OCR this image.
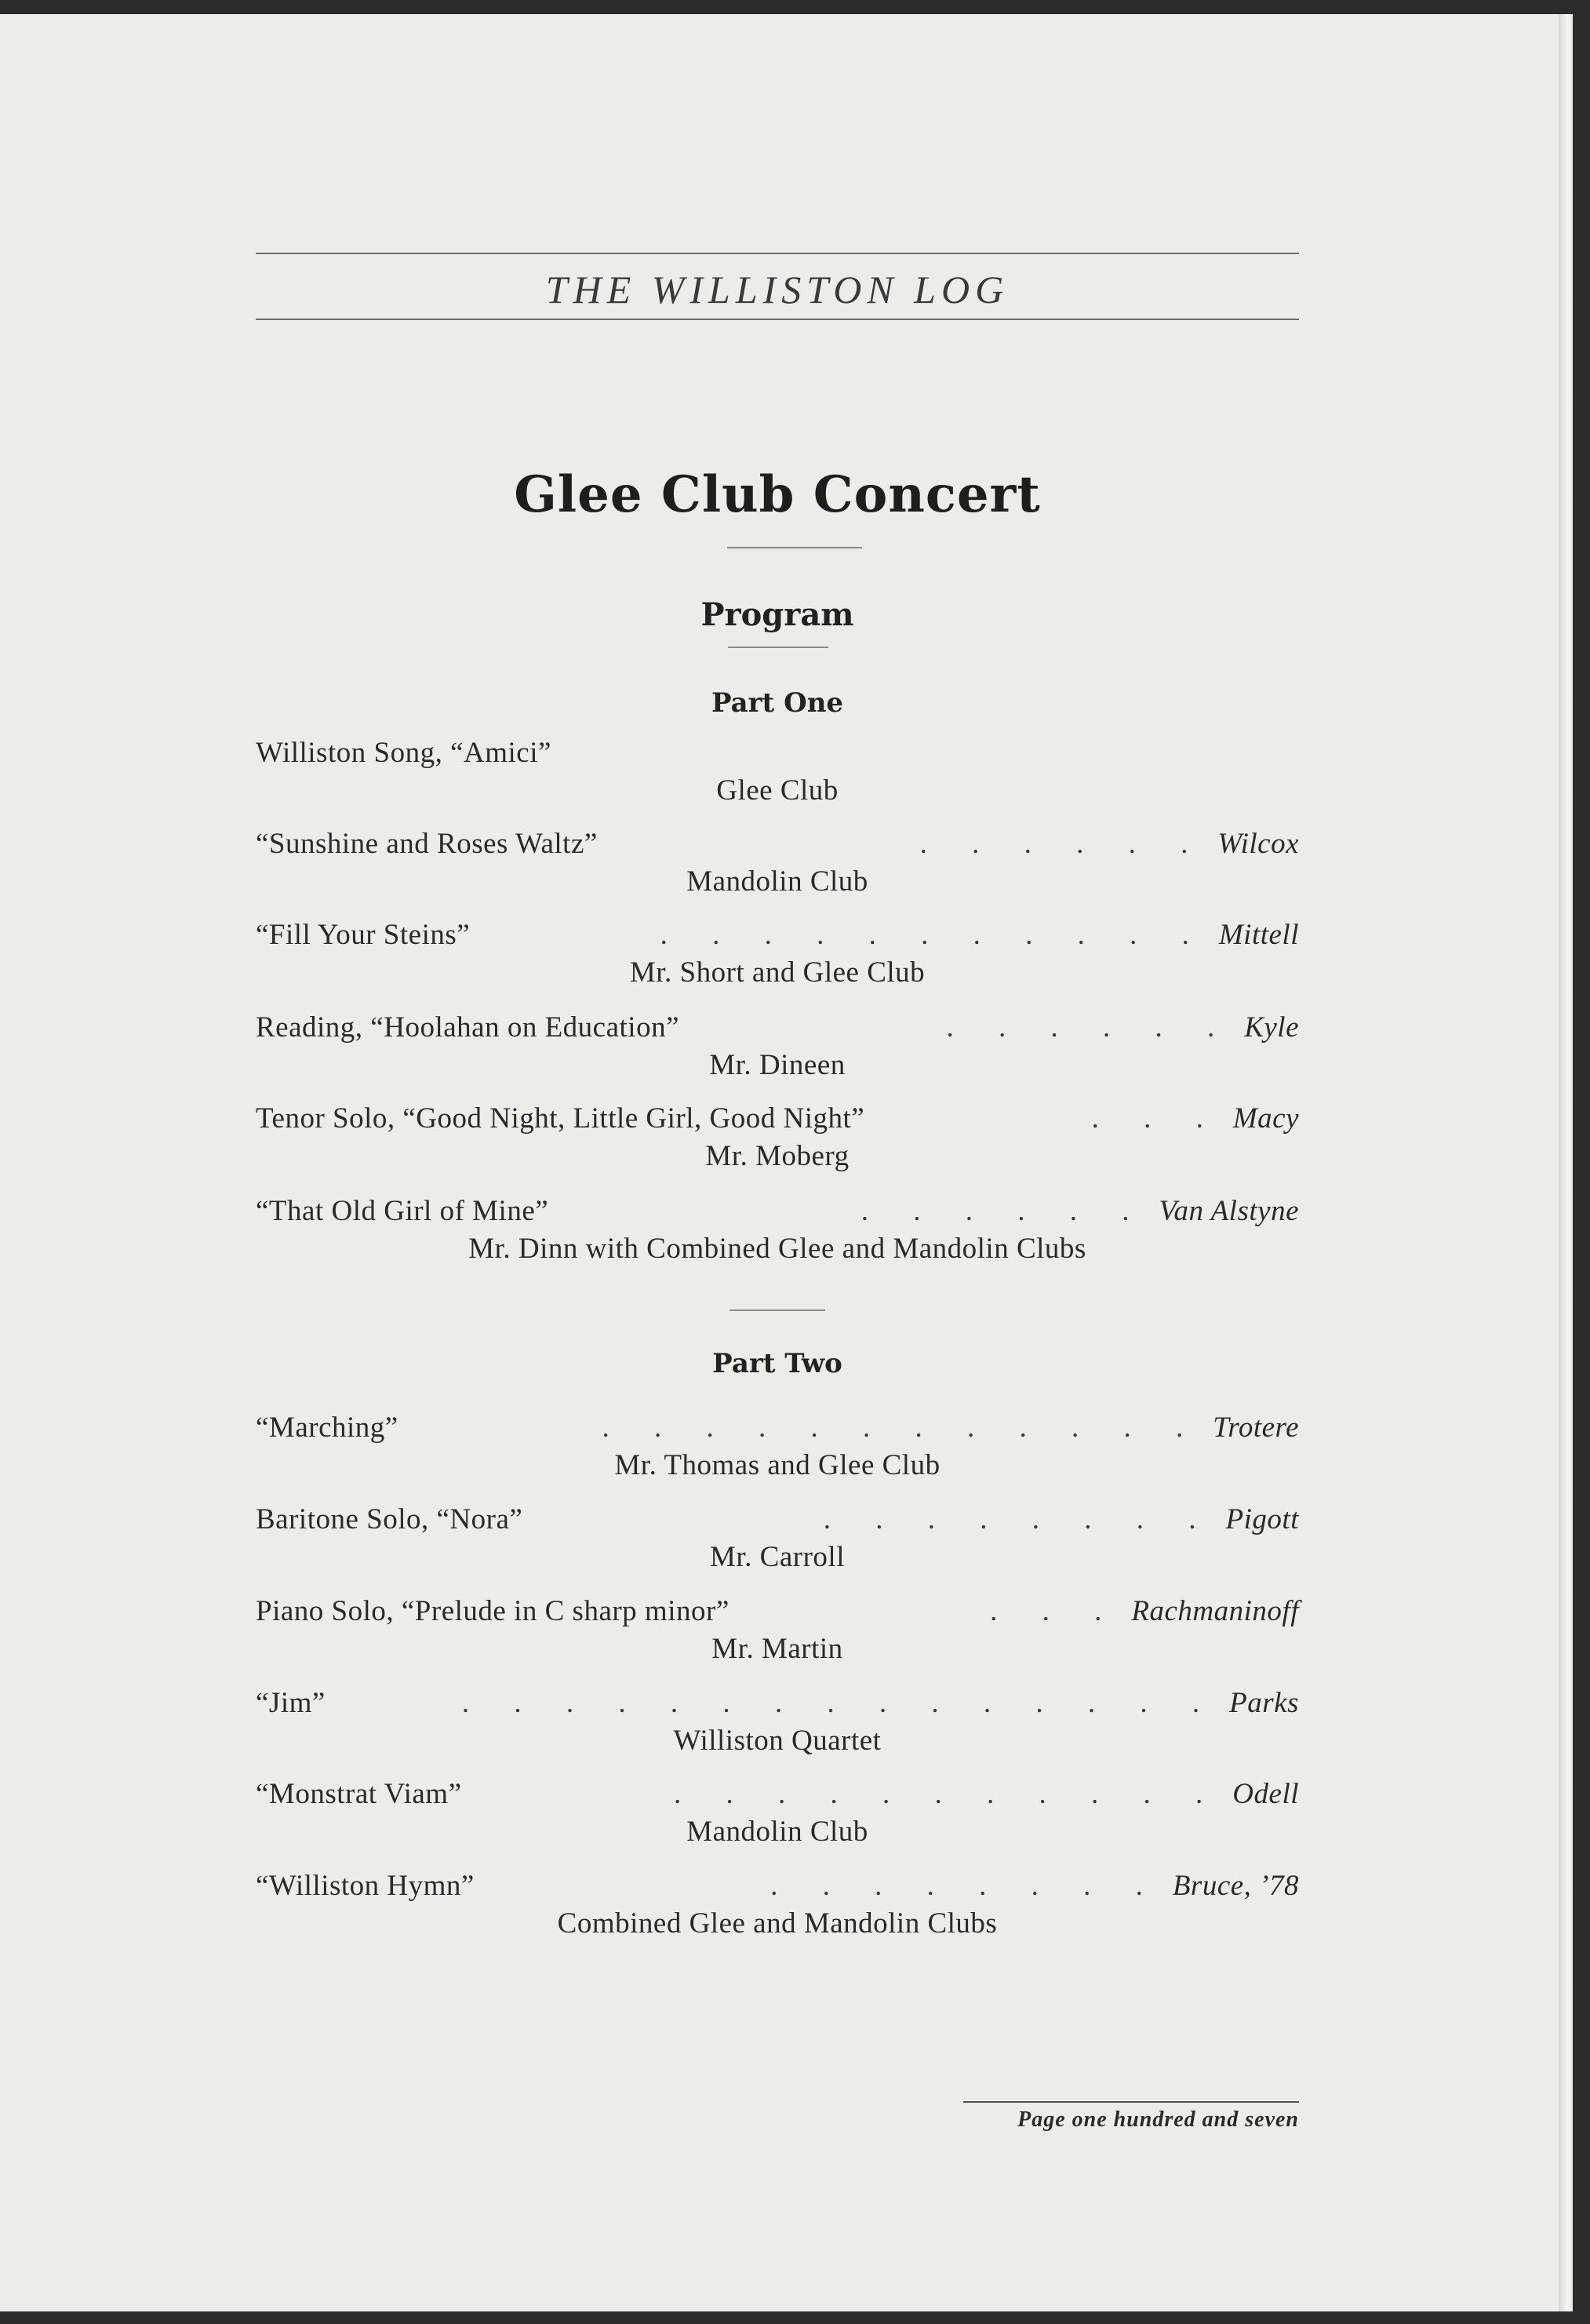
THE WILLISTON LOG
Glee Club Concert
Program
Part One
Williston Song, “Amici”
Glee Club
“Sunshine and Roses Waltz”	. . . . . . Wilcox
Mandolin Club
“Fill Your Steins”	. . . . . . . . . . . Mittell
Mr. Short and Glee Club
Reading, “Hoolahan on Education”	. . . . . . Kyle
Mr. Dineen
Tenor Solo, “Good Night, Little Girl, Good Night”	. . . Macy
Mr. Moberg
“That Old Girl of Mine”	. . . . . . Van Alstyne
Mr. Dinn with Combined Glee and Mandolin Clubs
Part Two
“Marching”	. . . . . . . . . . . . Trotere
Mr. Thomas and Glee Club
Baritone Solo, “Nora”	. . . . . . . . Pigott
Mr. Carroll
Piano Solo, “Prelude in C sharp minor”	. . . Rachmaninoff
Mr. Martin
“Jim”	. . . . . . . . . . . . . . . Parks
Williston Quartet
“Monstrat Viam”	. . . . . . . . . . . Odell
Mandolin Club
“Williston Hymn”	. . . . . . . . Bruce, ’78
Combined Glee and Mandolin Clubs
Page one hundred and seven
